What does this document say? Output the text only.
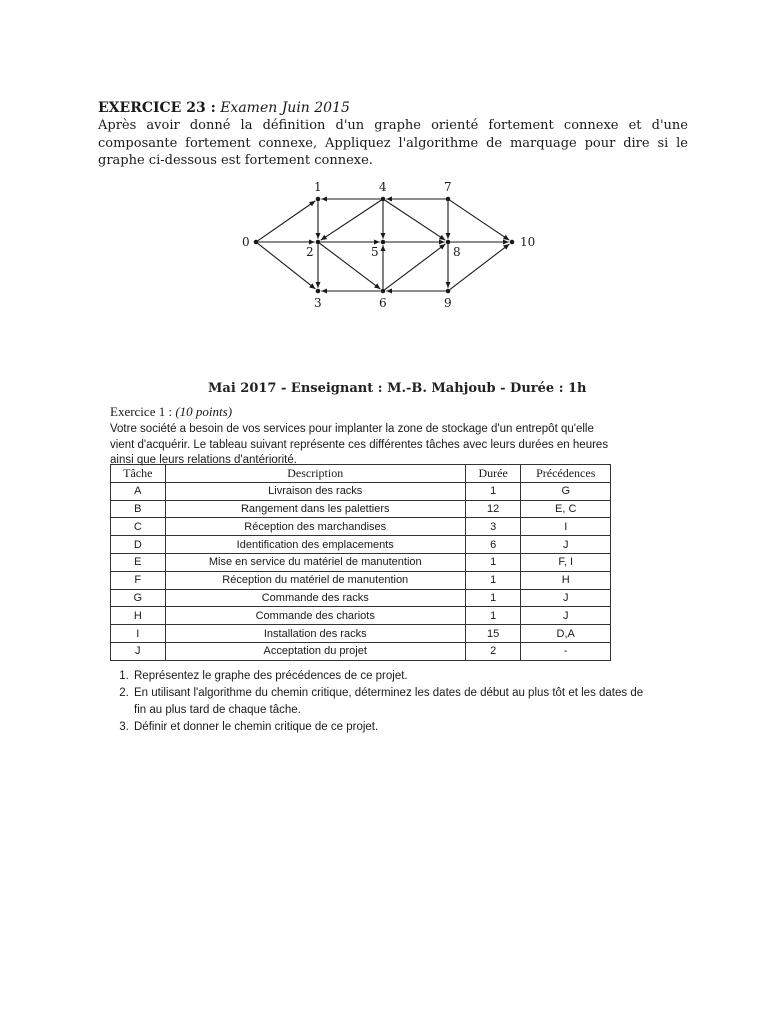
EXERCICE 23 : Examen Juin 2015

Après avoir donné la définition d'un graphe orienté fortement connexe et d'une composante fortement connexe, Appliquez l'algorithme de marquage pour dire si le graphe ci-dessous est fortement connexe.

0
1
2
3
4
5
6
7
8
9
10
Mai 2017 - Enseignant : M.-B. Mahjoub - Durée : 1h

Exercice 1 : (10 points)

Votre société a besoin de vos services pour implanter la zone de stockage d'un entrepôt qu'elle vient d'acquérir. Le tableau suivant représente ces différentes tâches avec leurs durées en heures ainsi que leurs relations d'antériorité.

Tâche	Description	Durée	Précédences
A	Livraison des racks	1	G
B	Rangement dans les palettiers	12	E, C
C	Réception des marchandises	3	I
D	Identification des emplacements	6	J
E	Mise en service du matériel de manutention	1	F, I
F	Réception du matériel de manutention	1	H
G	Commande des racks	1	J
H	Commande des chariots	1	J
I	Installation des racks	15	D,A
J	Acceptation du projet	2	-
1. Représentez le graphe des précédences de ce projet.
2. En utilisant l'algorithme du chemin critique, déterminez les dates de début au plus tôt et les dates de fin au plus tard de chaque tâche.
3. Définir et donner le chemin critique de ce projet.
